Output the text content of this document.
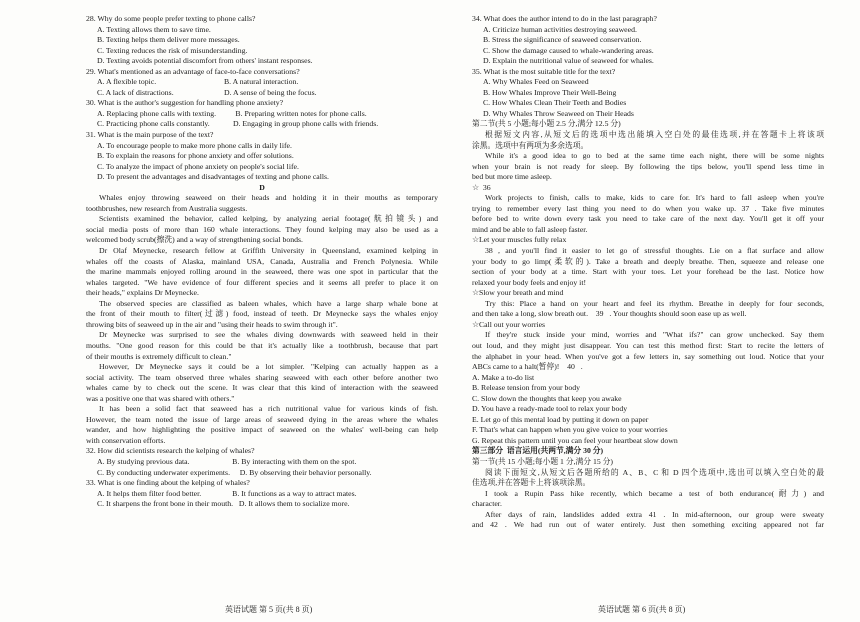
28. Why do some people prefer texting to phone calls?
A. Texting allows them to save time.
B. Texting helps them deliver more messages.
C. Texting reduces the risk of misunderstanding.
D. Texting avoids potential discomfort from others' instant responses.
29. What's mentioned as an advantage of face-to-face conversations?
A. A flexible topic.                                   B. A natural interaction.
C. A lack of distractions.                          D. A sense of being the focus.
30. What is the author's suggestion for handling phone anxiety?
A. Replacing phone calls with texting.          B. Preparing written notes for phone calls.
C. Practicing phone calls constantly.            D. Engaging in group phone calls with friends.
31. What is the main purpose of the text?
A. To encourage people to make more phone calls in daily life.
B. To explain the reasons for phone anxiety and offer solutions.
C. To analyze the impact of phone anxiety on people's social life.
D. To present the advantages and disadvantages of texting and phone calls.
D
Whales enjoy throwing seaweed on their heads and holding it in their mouths as temporary
toothbrushes, new research from Australia suggests.
Scientists examined the behavior, called kelping, by analyzing aerial footage(航拍镜头) and
social media posts of more than 160 whale interactions. They found kelping may also be used as a
welcomed body scrub(擦洗) and a way of strengthening social bonds.
Dr Olaf Meynecke, research fellow at Griffith University in Queensland, examined kelping in
whales off the coasts of Alaska, mainland USA, Canada, Australia and French Polynesia. While
the marine mammals enjoyed rolling around in the seaweed, there was one spot in particular that the
whales targeted. "We have evidence of four different species and it seems all prefer to place it on
their heads," explains Dr Meynecke.
The observed species are classified as baleen whales, which have a large sharp whale bone at
the front of their mouth to filter(过滤) food, instead of teeth. Dr Meynecke says the whales enjoy
throwing bits of seaweed up in the air and "using their heads to swim through it".
Dr Meynecke was surprised to see the whales diving downwards with seaweed held in their
mouths. "One good reason for this could be that it's actually like a toothbrush, because that part
of their mouths is extremely difficult to clean."
However, Dr Meynecke says it could be a lot simpler. "Kelping can actually happen as a
social activity. The team observed three whales sharing seaweed with each other before another two
whales came by to check out the scene. It was clear that this kind of interaction with the seaweed
was a positive one that was shared with others."
It has been a solid fact that seaweed has a rich nutritional value for various kinds of fish.
However, the team noted the issue of large areas of seaweed dying in the areas where the whales
wander, and how highlighting the positive impact of seaweed on the whales' well-being can help
with conservation efforts.
32. How did scientists research the kelping of whales?
A. By studying previous data.                      B. By interacting with them on the spot.
C. By conducting underwater experiments.     D. By observing their behavior personally.
33. What is one finding about the kelping of whales?
A. It helps them filter food better.                B. It functions as a way to attract mates.
C. It sharpens the front bone in their mouth.   D. It allows them to socialize more.
34. What does the author intend to do in the last paragraph?
A. Criticize human activities destroying seaweed.
B. Stress the significance of seaweed conservation.
C. Show the damage caused to whale-wandering areas.
D. Explain the nutritional value of seaweed for whales.
35. What is the most suitable title for the text?
A. Why Whales Feed on Seaweed
B. How Whales Improve Their Well-Being
C. How Whales Clean Their Teeth and Bodies
D. Why Whales Throw Seaweed on Their Heads
第二节(共 5 小题;每小题 2.5 分,满分 12.5 分)
根据短文内容,从短文后的选项中选出能填入空白处的最佳选项,并在答题卡上将该项
涂黑。选项中有两项为多余选项。
While it's a good idea to go to bed at the same time each night, there will be some nights
when your brain is not ready for sleep. By following the tips below, you'll spend less time in
bed but more time asleep.
☆  36
Work projects to finish, calls to make, kids to care for. It's hard to fall asleep when you're
trying to remember every last thing you need to do when you wake up. 37 . Take five minutes
before bed to write down every task you need to take care of the next day. You'll get it off your
mind and be able to fall asleep faster.
☆Let your muscles fully relax
38 , and you'll find it easier to let go of stressful thoughts. Lie on a flat surface and allow
your body to go limp(柔软的). Take a breath and deeply breathe. Then, squeeze and release one
section of your body at a time. Start with your toes. Let your forehead be the last. Notice how
relaxed your body feels and enjoy it!
☆Slow your breath and mind
Try this: Place a hand on your heart and feel its rhythm. Breathe in deeply for four seconds,
and then take a long, slow breath out.    39   . Your thoughts should soon ease up as well.
☆Call out your worries
If they're stuck inside your mind, worries and "What ifs?" can grow unchecked. Say them
out loud, and they might just disappear. You can test this method first: Start to recite the letters of
the alphabet in your head. When you've got a few letters in, say something out loud. Notice that your
ABCs came to a halt(暂停)!    40   .
A. Make a to-do list
B. Release tension from your body
C. Slow down the thoughts that keep you awake
D. You have a ready-made tool to relax your body
E. Let go of this mental load by putting it down on paper
F. That's what can happen when you give voice to your worries
G. Repeat this pattern until you can feel your heartbeat slow down
第三部分  语言运用(共两节,满分 30 分)
第一节(共 15 小题;每小题 1 分,满分 15 分)
阅读下面短文,从短文后各题所给的 A、B、C 和 D 四个选项中,选出可以填入空白处的最
佳选项,并在答题卡上将该项涂黑。
I took a Rupin Pass hike recently, which became a test of both endurance(耐力) and
character.
After days of rain, landslides added extra 41 . In mid-afternoon, our group were sweaty
and 42 . We had run out of water entirely. Just then something exciting appeared not far
英语试题 第 5 页(共 8 页)	英语试题 第 6 页(共 8 页)
